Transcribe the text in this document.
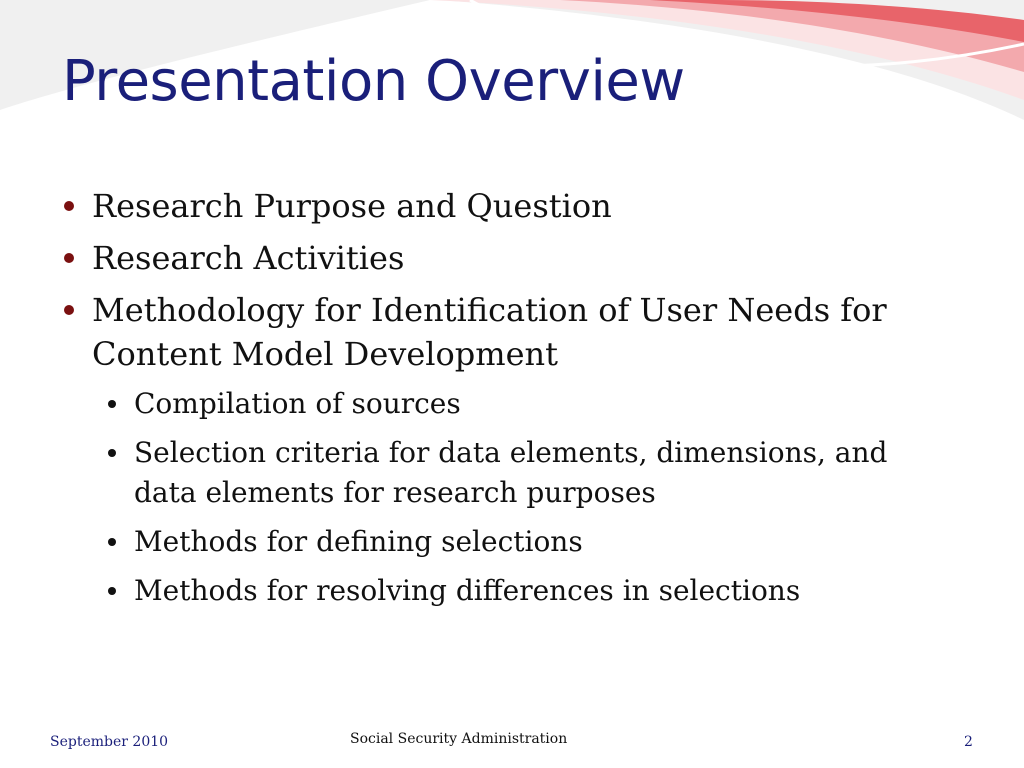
Presentation Overview
Research Purpose and Question
Research Activities
Methodology for Identification of User Needs for Content Model Development
Compilation of sources
Selection criteria for data elements, dimensions, and data elements for research purposes
Methods for defining selections
Methods for resolving differences in selections
September 2010	Social Security Administration	2
